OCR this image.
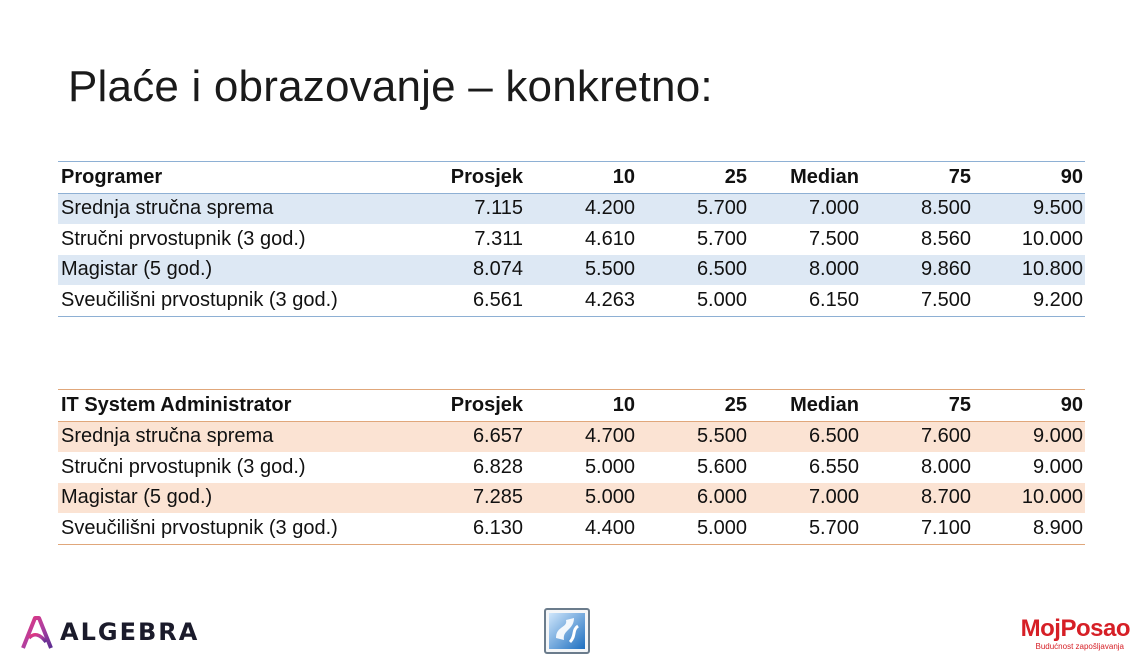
Plaće i obrazovanje – konkretno:
Programer	Prosjek	10	25	Median	75	90
Srednja stručna sprema	7.115	4.200	5.700	7.000	8.500	9.500
Stručni prvostupnik (3 god.)	7.311	4.610	5.700	7.500	8.560	10.000
Magistar (5 god.)	8.074	5.500	6.500	8.000	9.860	10.800
Sveučilišni prvostupnik (3 god.)	6.561	4.263	5.000	6.150	7.500	9.200
IT System Administrator	Prosjek	10	25	Median	75	90
Srednja stručna sprema	6.657	4.700	5.500	6.500	7.600	9.000
Stručni prvostupnik (3 god.)	6.828	5.000	5.600	6.550	8.000	9.000
Magistar (5 god.)	7.285	5.000	6.000	7.000	8.700	10.000
Sveučilišni prvostupnik (3 god.)	6.130	4.400	5.000	5.700	7.100	8.900
ALGEBRA	MojPosao
Budućnost zapošljavanja
